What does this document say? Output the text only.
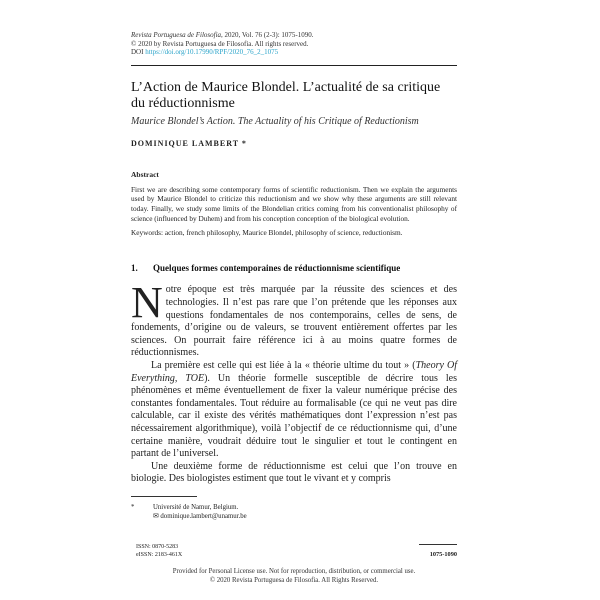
Revista Portuguesa de Filosofia, 2020, Vol. 76 (2-3): 1075-1090.
© 2020 by Revista Portuguesa de Filosofia. All rights reserved.
DOI https://doi.org/10.17990/RPF/2020_76_2_1075
L’Action de Maurice Blondel. L’actualité de sa critique du réductionnisme
Maurice Blondel’s Action. The Actuality of his Critique of Reductionism
DOMINIQUE LAMBERT *
Abstract
First we are describing some contemporary forms of scientific reductionism. Then we explain the arguments used by Maurice Blondel to criticize this reductionism and we show why these arguments are still relevant today. Finally, we study some limits of the Blondelian critics coming from his conventionalist philosophy of science (influenced by Duhem) and from his conception conception of the biological evolution.
Keywords: action, french philosophy, Maurice Blondel, philosophy of science, reductionism.
1. Quelques formes contemporaines de réductionnisme scientifique

Notre époque est très marquée par la réussite des sciences et des technologies. Il n’est pas rare que l’on prétende que les réponses aux questions fondamentales de nos contemporains, celles de sens, de fondements, d’origine ou de valeurs, se trouvent entièrement offertes par les sciences. On pourrait faire référence ici à au moins quatre formes de réductionnismes.

La première est celle qui est liée à la « théorie ultime du tout » (Theory Of Everything, TOE). Un théorie formelle susceptible de décrire tous les phénomènes et même éventuellement de fixer la valeur numérique précise des constantes fondamentales. Tout réduire au formalisable (ce qui ne veut pas dire calculable, car il existe des vérités mathématiques dont l’expression n’est pas nécessairement algorithmique), voilà l’objectif de ce réductionnisme qui, d’une certaine manière, voudrait déduire tout le singulier et tout le contingent en partant de l’universel.

Une deuxième forme de réductionnisme est celui que l’on trouve en biologie. Des biologistes estiment que tout le vivant et y compris

*	Université de Namur, Belgium.
✉ dominique.lambert@unamur.be
ISSN: 0870-5283
eISSN: 2183-461X	1075-1090
Provided for Personal License use. Not for reproduction, distribution, or commercial use.
© 2020 Revista Portuguesa de Filosofia. All Rights Reserved.
